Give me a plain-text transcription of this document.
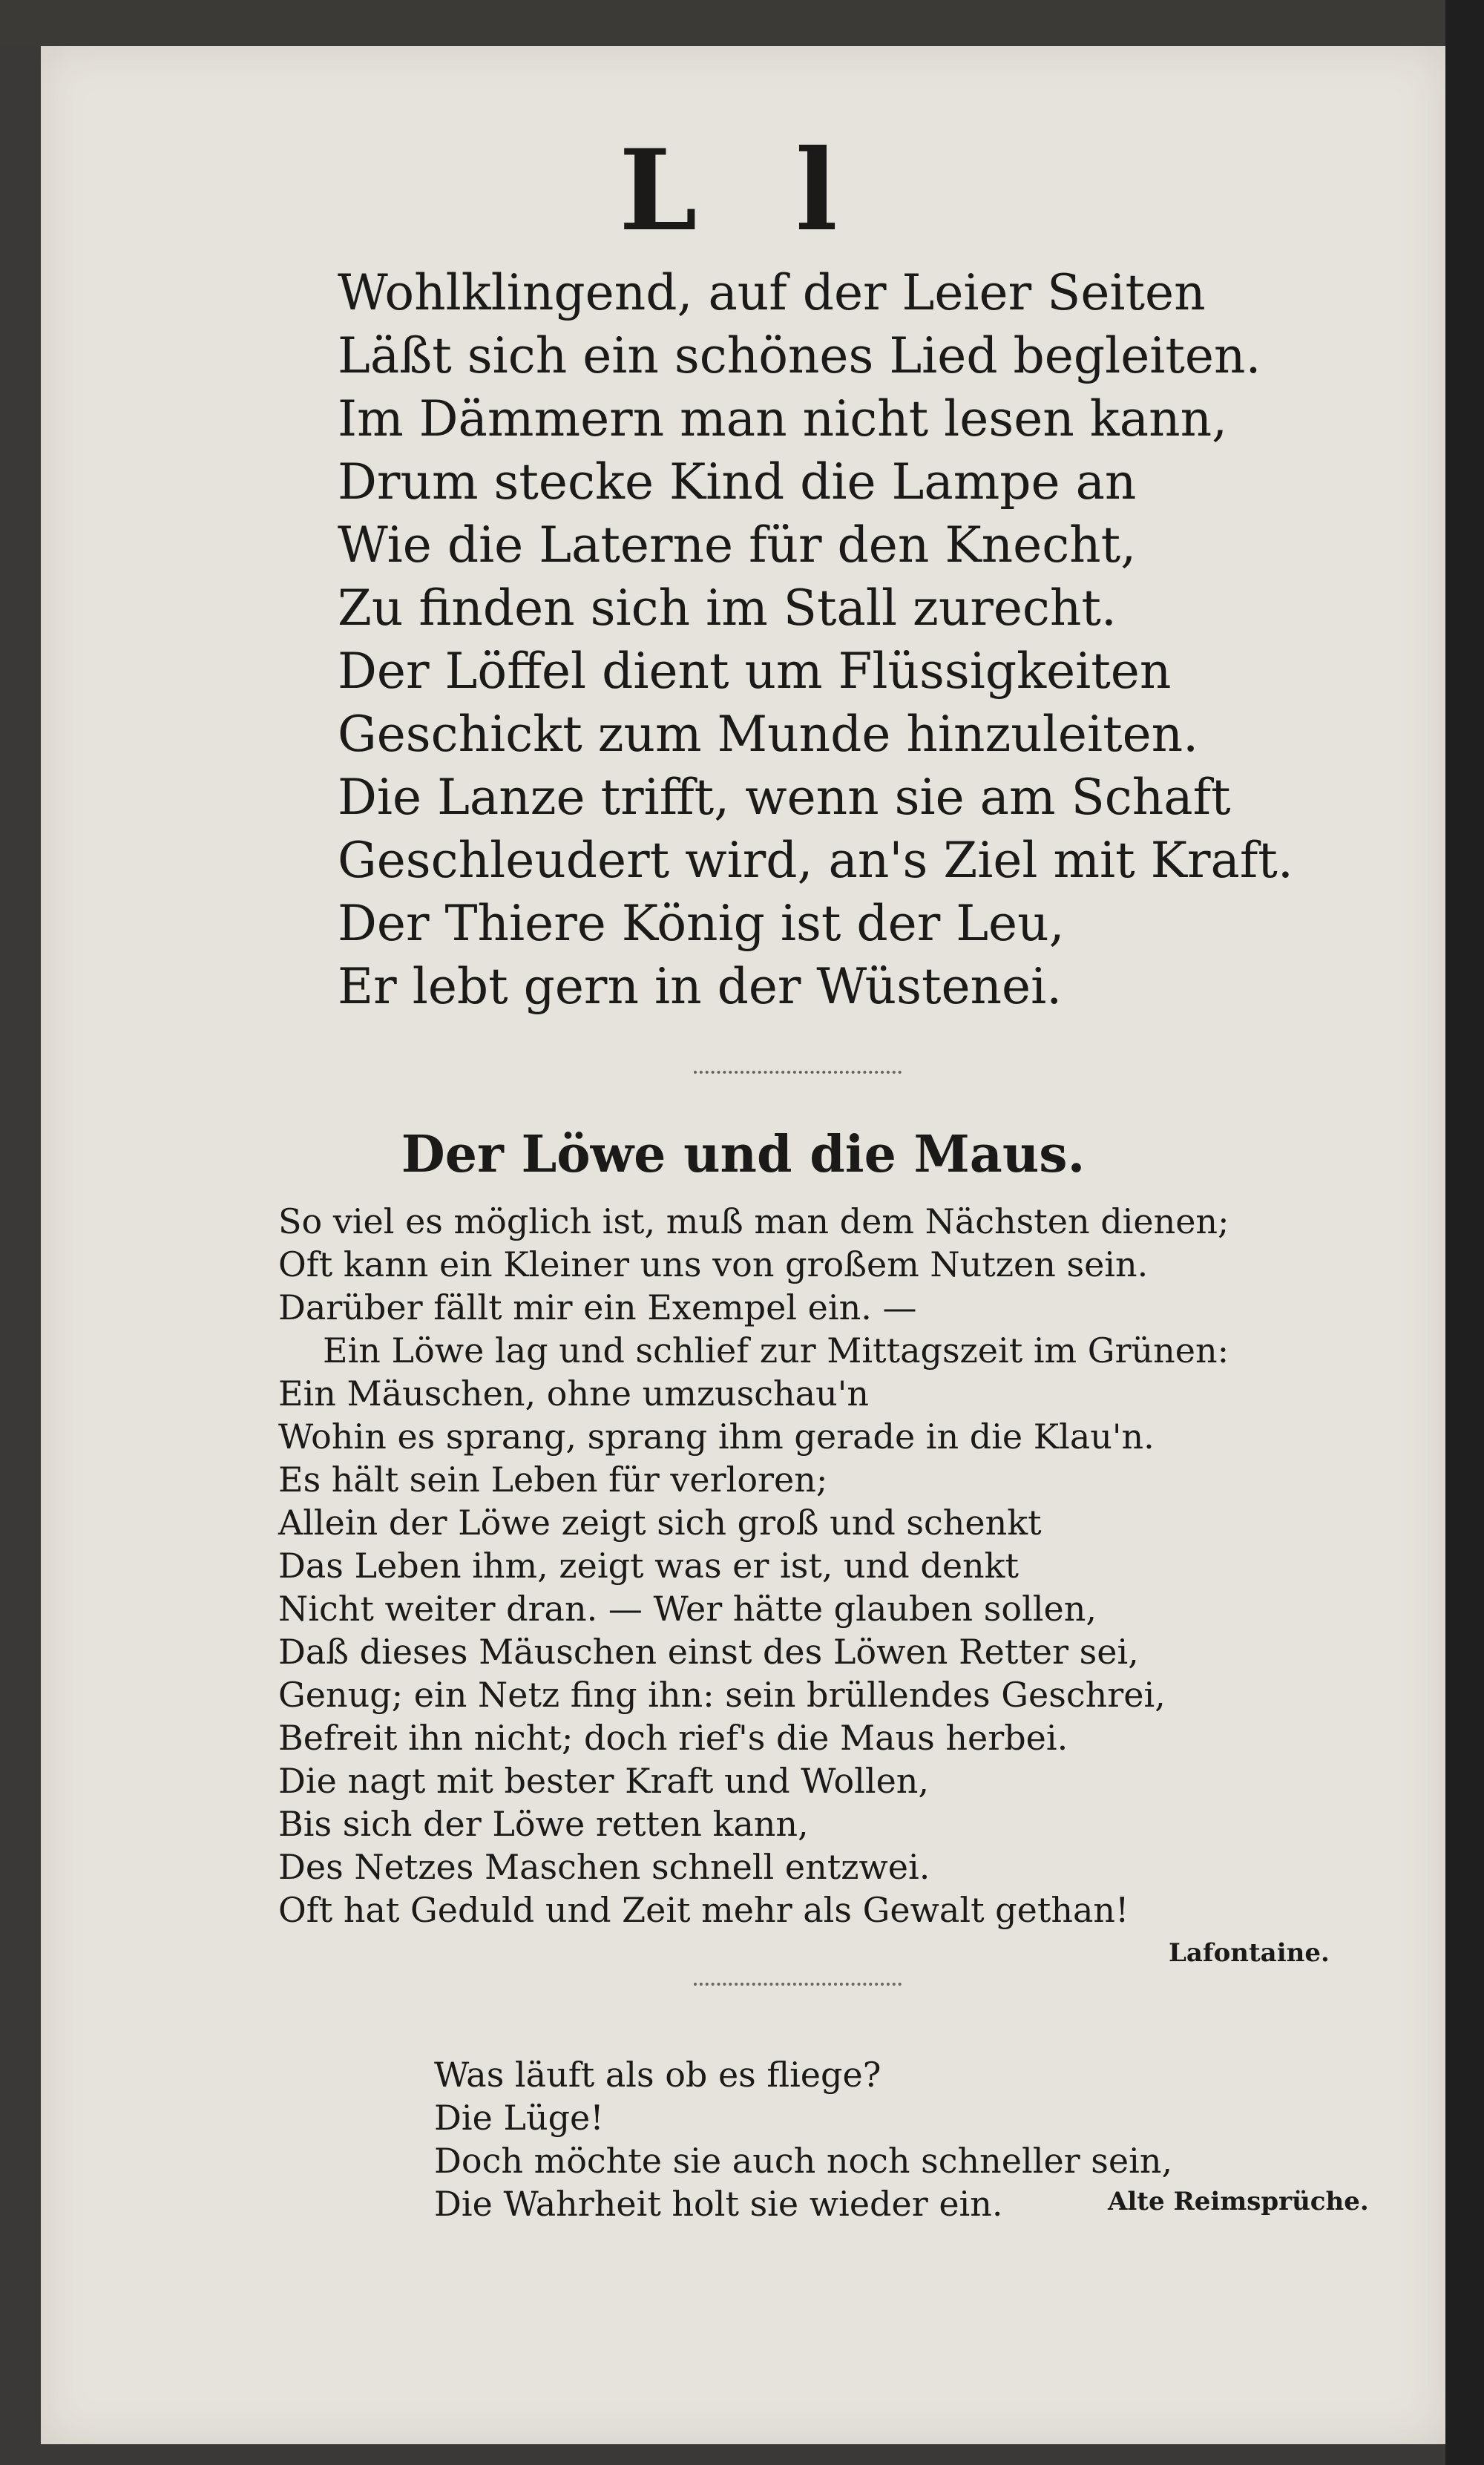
L l
Wohlklingend, auf der Leier Seiten
Läßt sich ein schönes Lied begleiten.
Im Dämmern man nicht lesen kann,
Drum stecke Kind die Lampe an
Wie die Laterne für den Knecht,
Zu finden sich im Stall zurecht.
Der Löffel dient um Flüssigkeiten
Geschickt zum Munde hinzuleiten.
Die Lanze trifft, wenn sie am Schaft
Geschleudert wird, an's Ziel mit Kraft.
Der Thiere König ist der Leu,
Er lebt gern in der Wüstenei.
Der Löwe und die Maus.
So viel es möglich ist, muß man dem Nächsten dienen;
Oft kann ein Kleiner uns von großem Nutzen sein.
Darüber fällt mir ein Exempel ein. —
Ein Löwe lag und schlief zur Mittagszeit im Grünen:
Ein Mäuschen, ohne umzuschau'n
Wohin es sprang, sprang ihm gerade in die Klau'n.
Es hält sein Leben für verloren;
Allein der Löwe zeigt sich groß und schenkt
Das Leben ihm, zeigt was er ist, und denkt
Nicht weiter dran. — Wer hätte glauben sollen,
Daß dieses Mäuschen einst des Löwen Retter sei,
Genug; ein Netz fing ihn: sein brüllendes Geschrei,
Befreit ihn nicht; doch rief's die Maus herbei.
Die nagt mit bester Kraft und Wollen,
Bis sich der Löwe retten kann,
Des Netzes Maschen schnell entzwei.
Oft hat Geduld und Zeit mehr als Gewalt gethan!
Lafontaine.
Was läuft als ob es fliege?
Die Lüge!
Doch möchte sie auch noch schneller sein,
Die Wahrheit holt sie wieder ein.	Alte Reimsprüche.
